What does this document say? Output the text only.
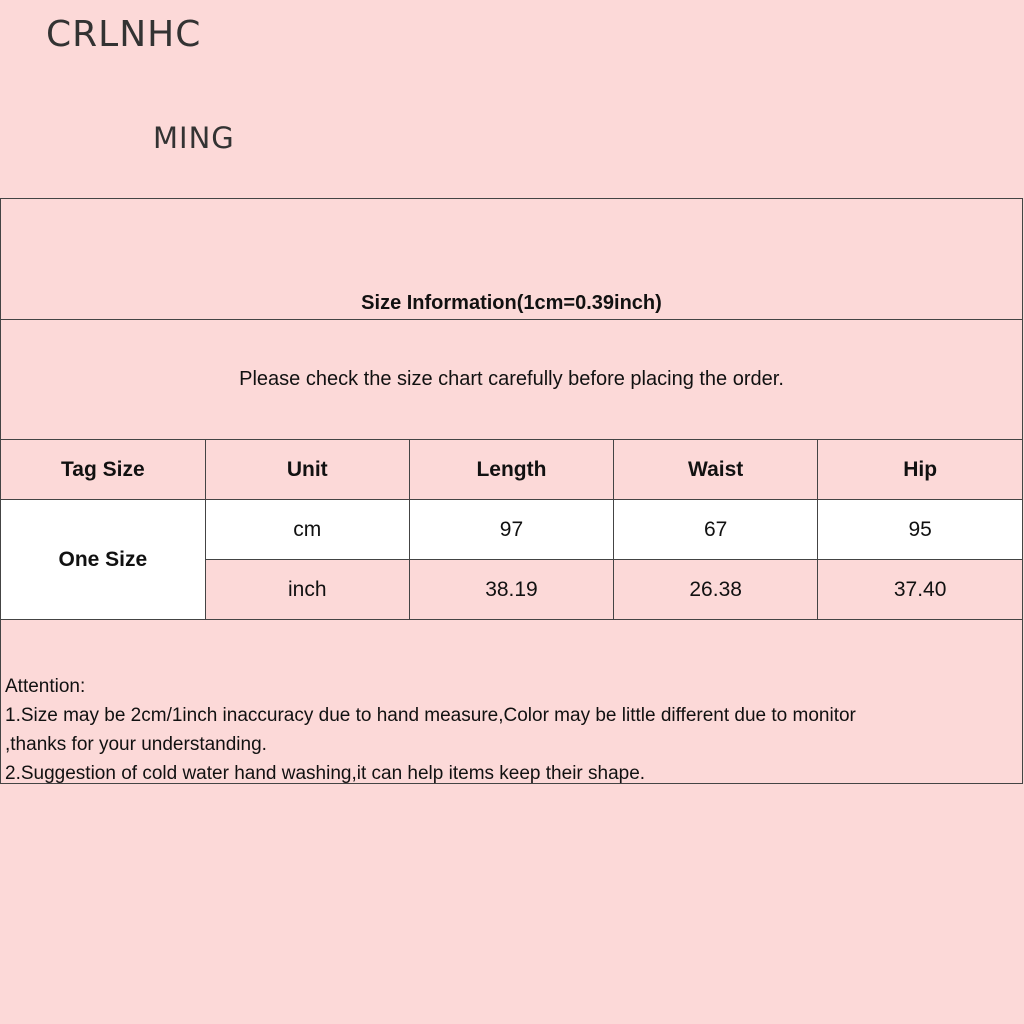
CRLNHC
MING
Size Information(1cm=0.39inch)
Please check the size chart carefully before placing the order.
Tag Size	Unit	Length	Waist	Hip
One Size	cm	97	67	95
	inch	38.19	26.38	37.40

Attention:

1.Size may be 2cm/1inch inaccuracy due to hand measure,Color may be little different due to monitor

,thanks for your understanding.

2.Suggestion of cold water hand washing,it can help items keep their shape.
